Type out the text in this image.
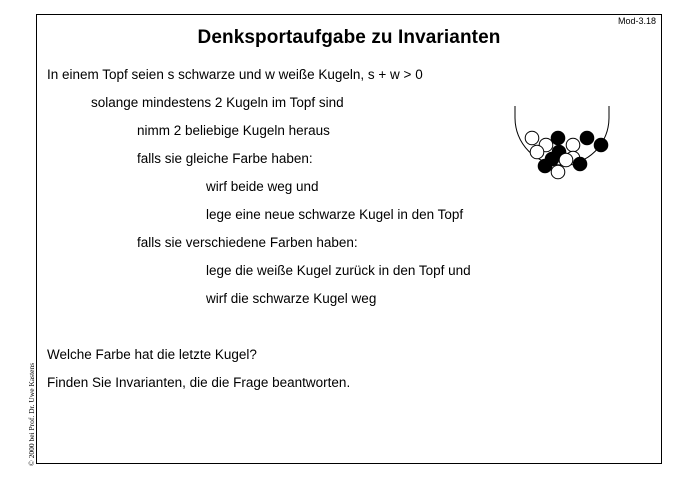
Mod-3.18
Denksportaufgabe zu Invarianten
In einem Topf seien s schwarze und w weiße Kugeln, s + w > 0
solange mindestens 2 Kugeln im Topf sind
nimm 2 beliebige Kugeln heraus
falls sie gleiche Farbe haben:
wirf beide weg und
lege eine neue schwarze Kugel in den Topf
falls sie verschiedene Farben haben:
lege die weiße Kugel zurück in den Topf und
wirf die schwarze Kugel weg
Welche Farbe hat die letzte Kugel?
Finden Sie Invarianten, die die Frage beantworten.
© 2000 bei Prof. Dr. Uwe Kastens
